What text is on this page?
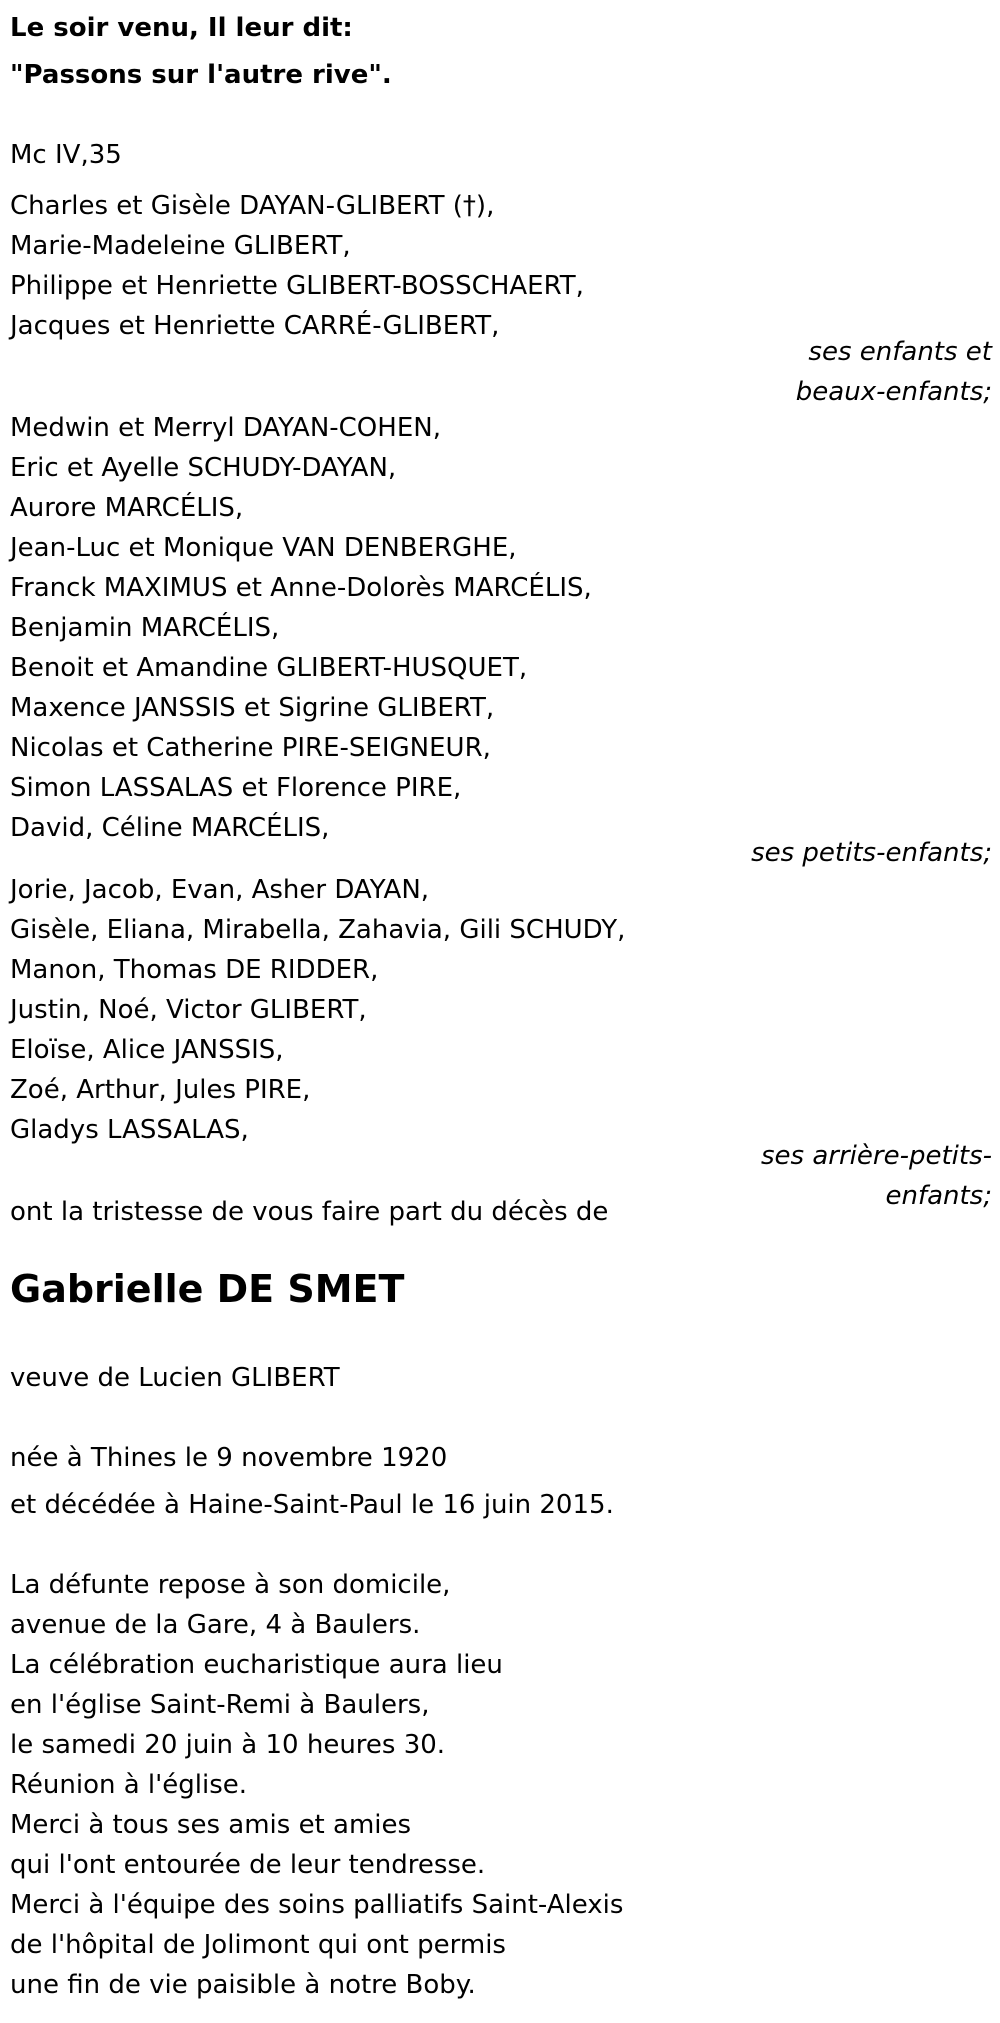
Le soir venu, Il leur dit:

"Passons sur l'autre rive".

Mc IV,35

Charles et Gisèle DAYAN-GLIBERT (†),
Marie-Madeleine GLIBERT,
Philippe et Henriette GLIBERT-BOSSCHAERT,
Jacques et Henriette CARRÉ-GLIBERT,

ses enfants et

beaux-enfants;

Medwin et Merryl DAYAN-COHEN,
Eric et Ayelle SCHUDY-DAYAN,
Aurore MARCÉLIS,
Jean-Luc et Monique VAN DENBERGHE,
Franck MAXIMUS et Anne-Dolorès MARCÉLIS,
Benjamin MARCÉLIS,
Benoit et Amandine GLIBERT-HUSQUET,
Maxence JANSSIS et Sigrine GLIBERT,
Nicolas et Catherine PIRE-SEIGNEUR,
Simon LASSALAS et Florence PIRE,
David, Céline MARCÉLIS,

ses petits-enfants;

Jorie, Jacob, Evan, Asher DAYAN,
Gisèle, Eliana, Mirabella, Zahavia, Gili SCHUDY,
Manon, Thomas DE RIDDER,
Justin, Noé, Victor GLIBERT,
Eloïse, Alice JANSSIS,
Zoé, Arthur, Jules PIRE,
Gladys LASSALAS,

ses arrière-petits-

enfants;

ont la tristesse de vous faire part du décès de

Gabrielle DE SMET

veuve de Lucien GLIBERT

née à Thines le 9 novembre 1920

et décédée à Haine-Saint-Paul le 16 juin 2015.

La défunte repose à son domicile,
avenue de la Gare, 4 à Baulers.
La célébration eucharistique aura lieu
en l'église Saint-Remi à Baulers,
le samedi 20 juin à 10 heures 30.
Réunion à l'église.
Merci à tous ses amis et amies
qui l'ont entourée de leur tendresse.
Merci à l'équipe des soins palliatifs Saint-Alexis
de l'hôpital de Jolimont qui ont permis
une fin de vie paisible à notre Boby.
